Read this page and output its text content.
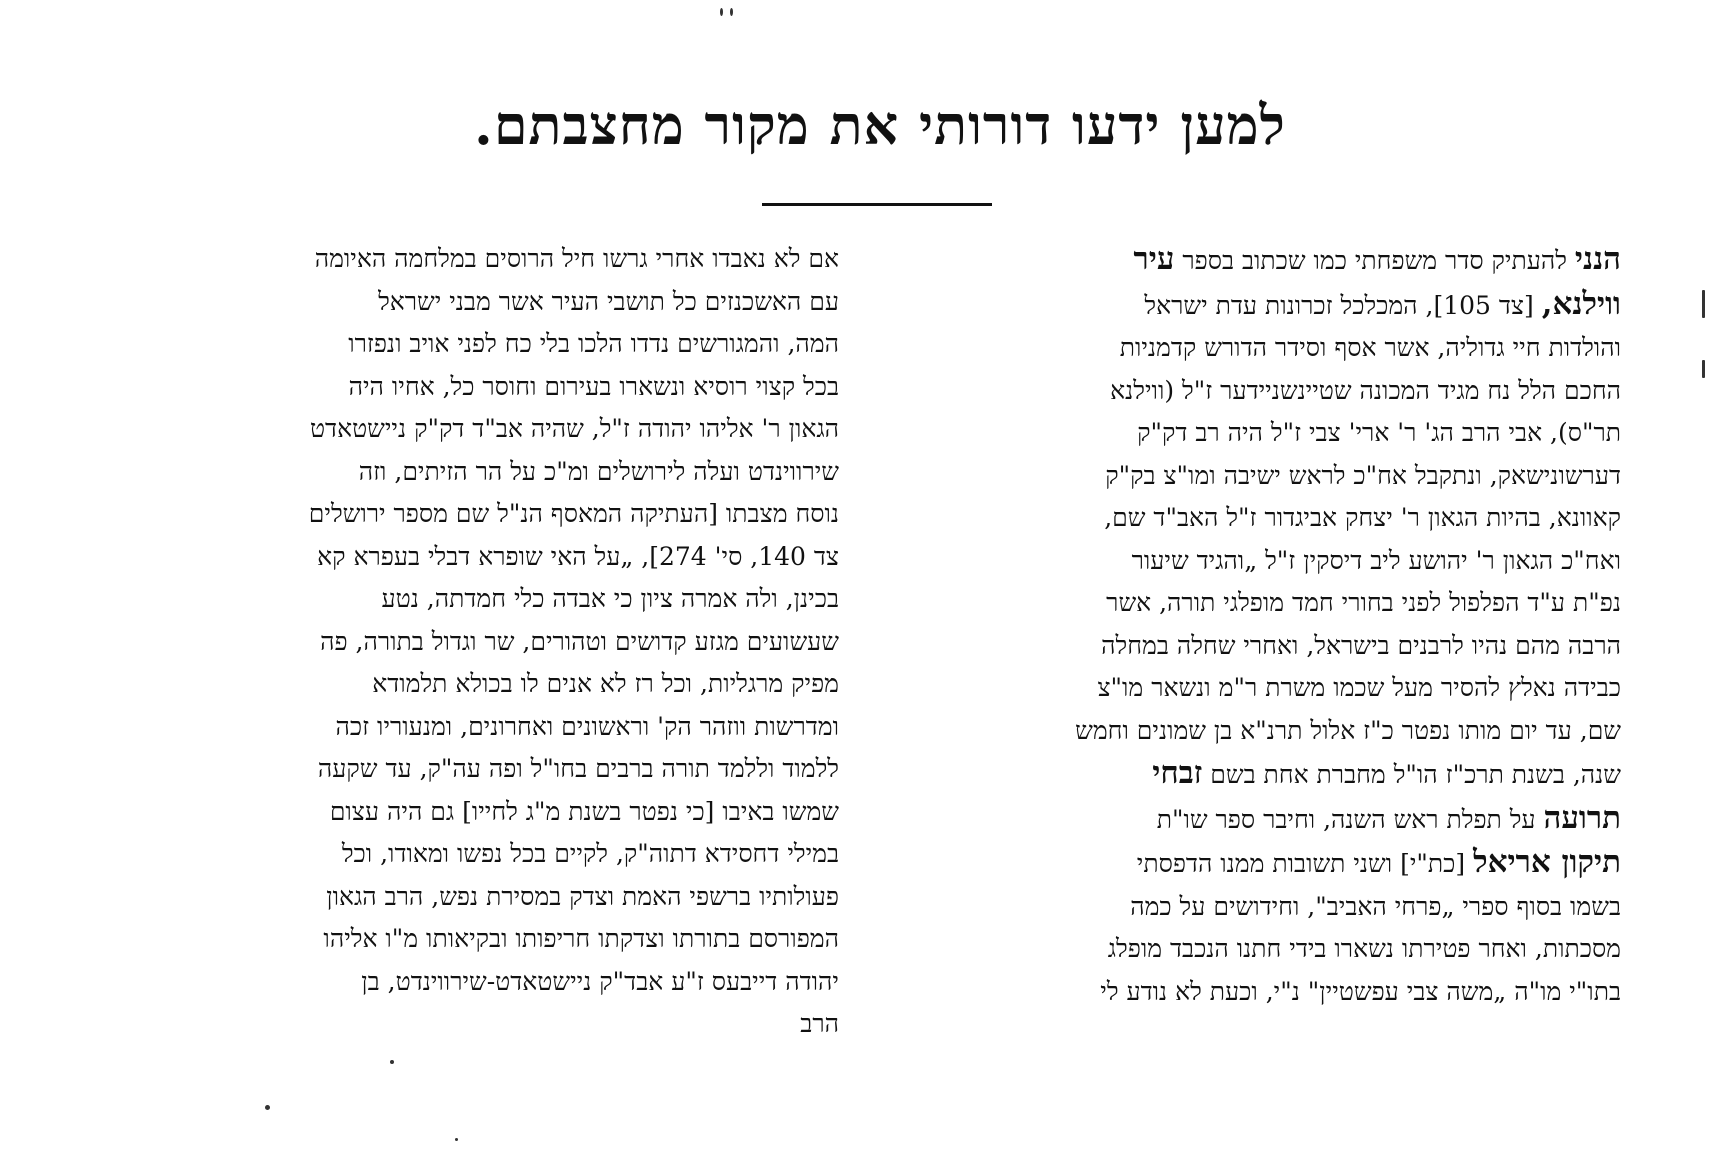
למען ידעו דורותי את מקור מחצבתם.
הנני להעתיק סדר משפחתי כמו שכתוב בספר עיר
ווילנא, [צד 105], המכלכל זכרונות עדת ישראל
והולדות חיי גדוליה, אשר אסף וסידר הדורש קדמניות
החכם הלל נח מגיד המכונה שטיינשניידער ז"ל (ווילנא
תר"ס), אבי הרב הג' ר' ארי' צבי ז"ל היה רב דק"ק
דערשונישאק, ונתקבל אח"כ לראש ישיבה ומו"צ בק"ק
קאוונא, בהיות הגאון ר' יצחק אביגדור ז"ל האב"ד שם,
ואח"כ הגאון ר' יהושע ליב דיסקין ז"ל „והגיד שיעור
נפ"ת ע"ד הפלפול לפני בחורי חמד מופלגי תורה, אשר
הרבה מהם נהיו לרבנים בישראל, ואחרי שחלה במחלה
כבידה נאלץ להסיר מעל שכמו משרת ר"מ ונשאר מו"צ
שם, עד יום מותו נפטר כ"ז אלול תרנ"א בן שמונים וחמש
שנה, בשנת תרכ"ז הו"ל מחברת אחת בשם זבחי
תרועה על תפלת ראש השנה, וחיבר ספר שו"ת
תיקון אריאל [כת"י] ושני תשובות ממנו הדפסתי
בשמו בסוף ספרי „פרחי האביב", וחידושים על כמה
מסכתות, ואחר פטירתו נשארו בידי חתנו הנכבד מופלג
בתו"י מו"ה „משה צבי עפשטיין" נ"י, וכעת לא נודע לי
אם לא נאבדו אחרי גרשו חיל הרוסים במלחמה האיומה
עם האשכנזים כל תושבי העיר אשר מבני ישראל
המה, והמגורשים נדדו הלכו בלי כח לפני אויב ונפזרו
בכל קצוי רוסיא ונשארו בעירום וחוסר כל, אחיו היה
הגאון ר' אליהו יהודה ז"ל, שהיה אב"ד דק"ק ניישטאדט
שירווינדט ועלה לירושלים ומ"כ על הר הזיתים, וזה
נוסח מצבתו [העתיקה המאסף הנ"ל שם מספר ירושלים
צד 140, סי' 274], „על האי שופרא דבלי בעפרא קא
בכינן, ולה אמרה ציון כי אבדה כלי חמדתה, נטע
שעשועים מגזע קדושים וטהורים, שר וגדול בתורה, פה
מפיק מרגליות, וכל רז לא אנים לו בכולא תלמודא
ומדרשות ווזהר הק' וראשונים ואחרונים, ומנעוריו זכה
ללמוד וללמד תורה ברבים בחו"ל ופה עה"ק, עד שקעה
שמשו באיבו [כי נפטר בשנת מ"ג לחייו] גם היה עצום
במילי דחסידא דתוה"ק, לקיים בכל נפשו ומאודו, וכל
פעולותיו ברשפי האמת וצדק במסירת נפש, הרב הגאון
המפורסם בתורתו וצדקתו חריפותו ובקיאותו מ"ו אליהו
יהודה דייבעס ז"ע אבד"ק ניישטאדט-שירווינדט, בן
הרב
